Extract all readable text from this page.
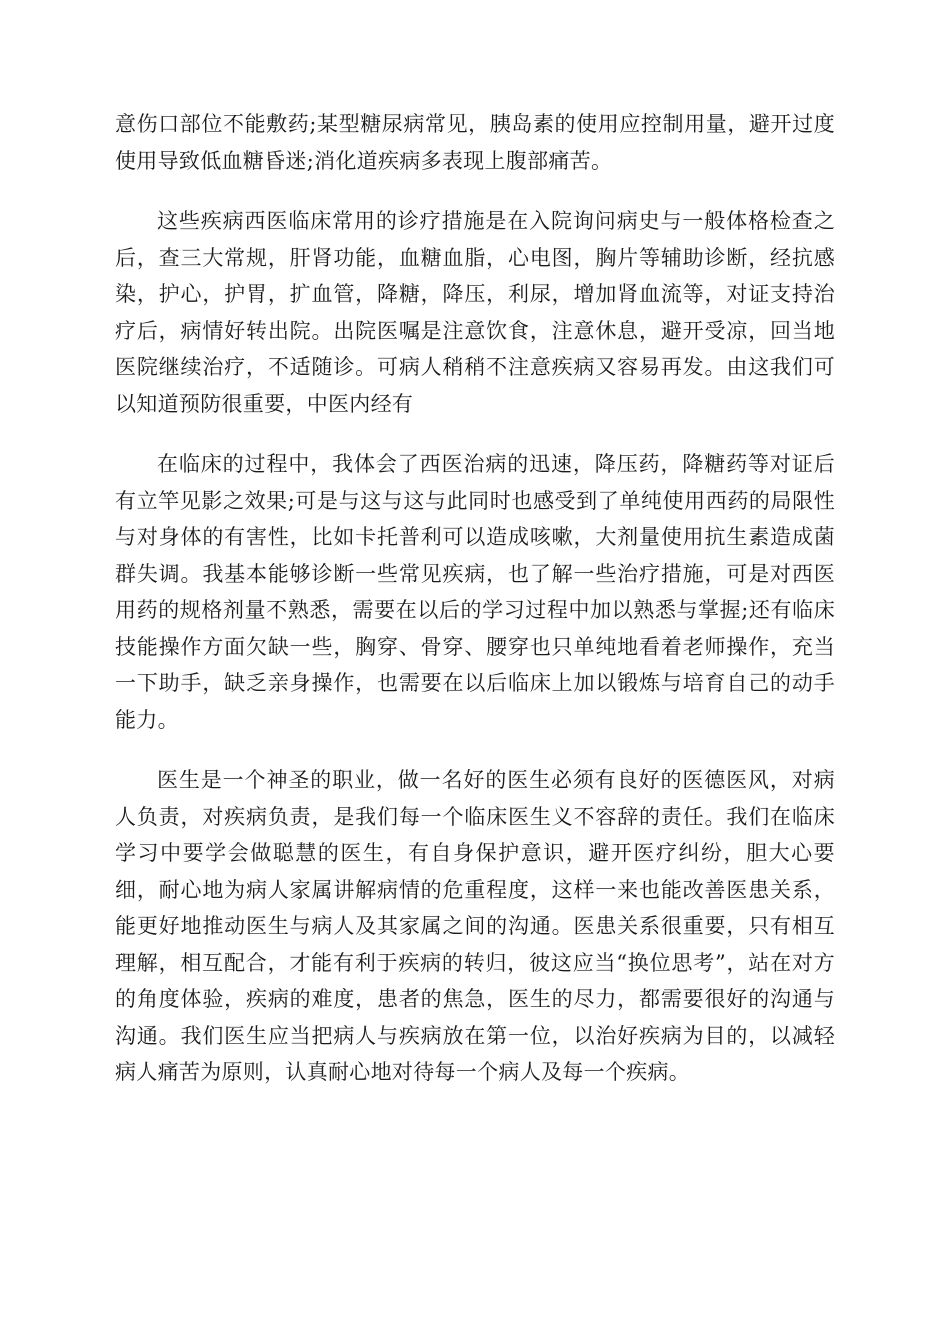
意伤口部位不能敷药;某型糖尿病常见，胰岛素的使用应控制用量，避开过度使用导致低血糖昏迷;消化道疾病多表现上腹部痛苦。

这些疾病西医临床常用的诊疗措施是在入院询问病史与一般体格检查之后，查三大常规，肝肾功能，血糖血脂，心电图，胸片等辅助诊断，经抗感染，护心，护胃，扩血管，降糖，降压，利尿，增加肾血流等，对证支持治疗后，病情好转出院。出院医嘱是注意饮食，注意休息，避开受凉，回当地医院继续治疗，不适随诊。可病人稍稍不注意疾病又容易再发。由这我们可以知道预防很重要，中医内经有

在临床的过程中，我体会了西医治病的迅速，降压药，降糖药等对证后有立竿见影之效果;可是与这与这与此同时也感受到了单纯使用西药的局限性与对身体的有害性，比如卡托普利可以造成咳嗽，大剂量使用抗生素造成菌群失调。我基本能够诊断一些常见疾病，也了解一些治疗措施，可是对西医用药的规格剂量不熟悉，需要在以后的学习过程中加以熟悉与掌握;还有临床技能操作方面欠缺一些，胸穿、骨穿、腰穿也只单纯地看着老师操作，充当一下助手，缺乏亲身操作，也需要在以后临床上加以锻炼与培育自己的动手能力。

医生是一个神圣的职业，做一名好的医生必须有良好的医德医风，对病人负责，对疾病负责，是我们每一个临床医生义不容辞的责任。我们在临床学习中要学会做聪慧的医生，有自身保护意识，避开医疗纠纷，胆大心要细，耐心地为病人家属讲解病情的危重程度，这样一来也能改善医患关系，能更好地推动医生与病人及其家属之间的沟通。医患关系很重要，只有相互理解，相互配合，才能有利于疾病的转归，彼这应当“换位思考”，站在对方的角度体验，疾病的难度，患者的焦急，医生的尽力，都需要很好的沟通与沟通。我们医生应当把病人与疾病放在第一位，以治好疾病为目的，以减轻病人痛苦为原则，认真耐心地对待每一个病人及每一个疾病。
